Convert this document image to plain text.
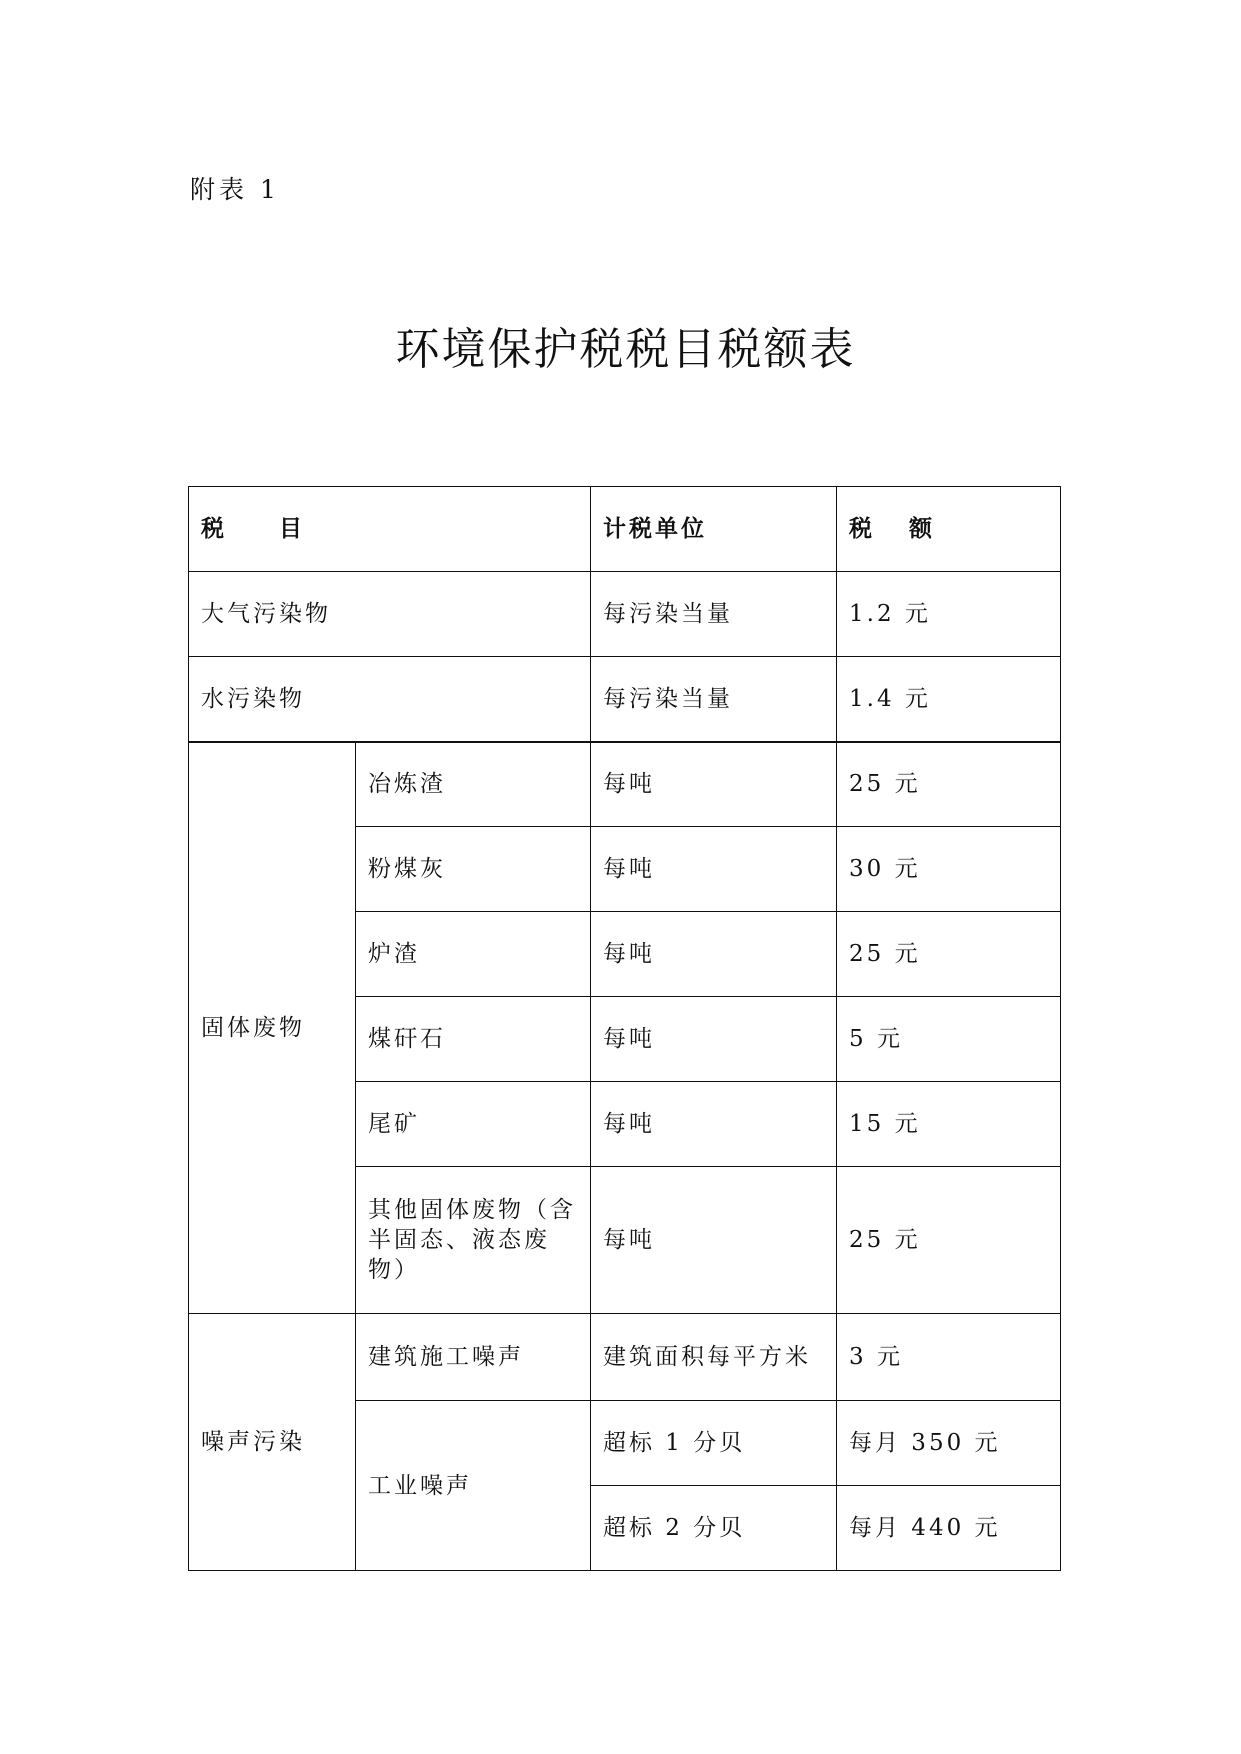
附表 1
环境保护税税目税额表
税 目		计税单位	税 额
大气污染物		每污染当量	1.2 元
水污染物		每污染当量	1.4 元
固体废物	冶炼渣	每吨	25 元
	粉煤灰	每吨	30 元
	炉渣	每吨	25 元
	煤矸石	每吨	5 元
	尾矿	每吨	15 元
	其他固体废物（含半固态、液态废物）	每吨	25 元
噪声污染	建筑施工噪声	建筑面积每平方米	3 元
	工业噪声	超标 1 分贝	每月 350 元
		超标 2 分贝	每月 440 元
